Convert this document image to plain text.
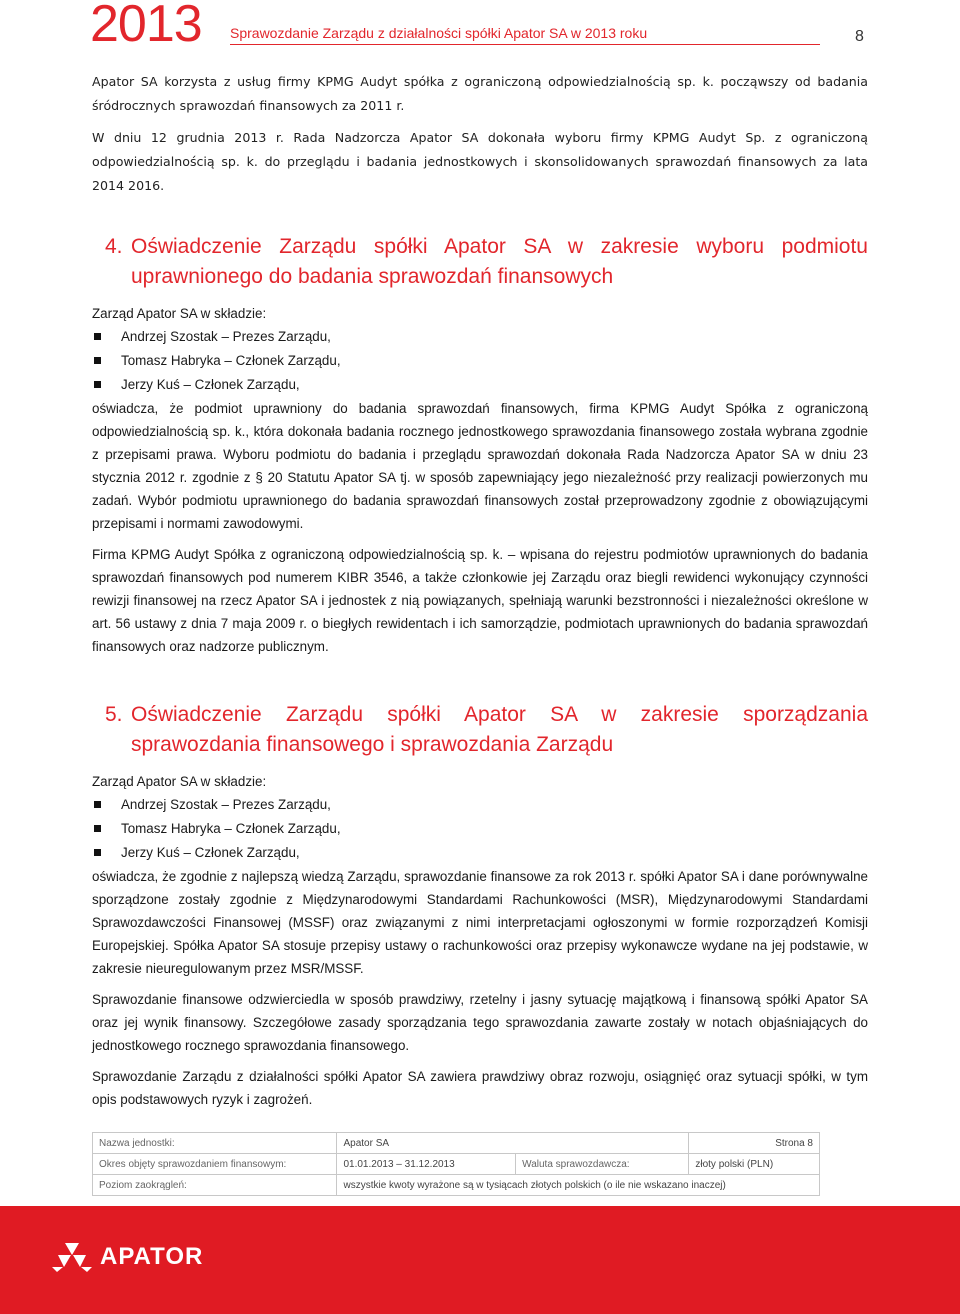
2013 Sprawozdanie Zarządu z działalności spółki Apator SA w 2013 roku	8

Apator SA korzysta z usług firmy KPMG Audyt spółka z ograniczoną odpowiedzialnością sp. k. począwszy od badania śródrocznych sprawozdań finansowych za 2011 r.

W dniu 12 grudnia 2013 r. Rada Nadzorcza Apator SA dokonała wyboru firmy KPMG Audyt Sp. z ograniczoną odpowiedzialnością sp. k. do przeglądu i badania jednostkowych i skonsolidowanych sprawozdań finansowych za lata 2014 2016.

4. Oświadczenie Zarządu spółki Apator SA w zakresie wyboru podmiotu uprawnionego do badania sprawozdań finansowych

Zarząd Apator SA w składzie:

Andrzej Szostak – Prezes Zarządu,
Tomasz Habryka – Członek Zarządu,
Jerzy Kuś – Członek Zarządu,

oświadcza, że podmiot uprawniony do badania sprawozdań finansowych, firma KPMG Audyt Spółka z ograniczoną odpowiedzialnością sp. k., która dokonała badania rocznego jednostkowego sprawozdania finansowego została wybrana zgodnie z przepisami prawa. Wyboru podmiotu do badania i przeglądu sprawozdań dokonała Rada Nadzorcza Apator SA w dniu 23 stycznia 2012 r. zgodnie z § 20 Statutu Apator SA tj. w sposób zapewniający jego niezależność przy realizacji powierzonych mu zadań. Wybór podmiotu uprawnionego do badania sprawozdań finansowych został przeprowadzony zgodnie z obowiązującymi przepisami i normami zawodowymi.

Firma KPMG Audyt Spółka z ograniczoną odpowiedzialnością sp. k. – wpisana do rejestru podmiotów uprawnionych do badania sprawozdań finansowych pod numerem KIBR 3546, a także członkowie jej Zarządu oraz biegli rewidenci wykonujący czynności rewizji finansowej na rzecz Apator SA i jednostek z nią powiązanych, spełniają warunki bezstronności i niezależności określone w art. 56 ustawy z dnia 7 maja 2009 r. o biegłych rewidentach i ich samorządzie, podmiotach uprawnionych do badania sprawozdań finansowych oraz nadzorze publicznym.

5. Oświadczenie Zarządu spółki Apator SA w zakresie sporządzania sprawozdania finansowego i sprawozdania Zarządu

Zarząd Apator SA w składzie:

Andrzej Szostak – Prezes Zarządu,
Tomasz Habryka – Członek Zarządu,
Jerzy Kuś – Członek Zarządu,

oświadcza, że zgodnie z najlepszą wiedzą Zarządu, sprawozdanie finansowe za rok 2013 r. spółki Apator SA i dane porównywalne sporządzone zostały zgodnie z Międzynarodowymi Standardami Rachunkowości (MSR), Międzynarodowymi Standardami Sprawozdawczości Finansowej (MSSF) oraz związanymi z nimi interpretacjami ogłoszonymi w formie rozporządzeń Komisji Europejskiej. Spółka Apator SA stosuje przepisy ustawy o rachunkowości oraz przepisy wykonawcze wydane na jej podstawie, w zakresie nieuregulowanym przez MSR/MSSF.

Sprawozdanie finansowe odzwierciedla w sposób prawdziwy, rzetelny i jasny sytuację majątkową i finansową spółki Apator SA oraz jej wynik finansowy. Szczegółowe zasady sporządzania tego sprawozdania zawarte zostały w notach objaśniających do jednostkowego rocznego sprawozdania finansowego.

Sprawozdanie Zarządu z działalności spółki Apator SA zawiera prawdziwy obraz rozwoju, osiągnięć oraz sytuacji spółki, w tym opis podstawowych ryzyk i zagrożeń.

Nazwa jednostki:	Apator SA		Strona 8
Okres objęty sprawozdaniem finansowym:	01.01.2013 – 31.12.2013	Waluta sprawozdawcza:	złoty polski (PLN)
Poziom zaokrągleń:	wszystkie kwoty wyrażone są w tysiącach złotych polskich (o ile nie wskazano inaczej)		
APATOR
